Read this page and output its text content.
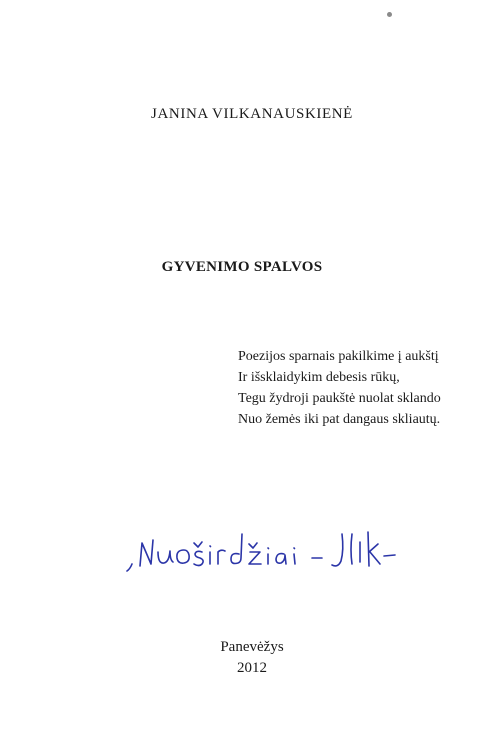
JANINA VILKANAUSKIENĖ
GYVENIMO SPALVOS
Poezijos sparnais pakilkime į aukštį
Ir išsklaidykim debesis rūkų,
Tegu žydroji paukštė nuolat sklando
Nuo žemės iki pat dangaus skliautų.
Panevėžys
2012
